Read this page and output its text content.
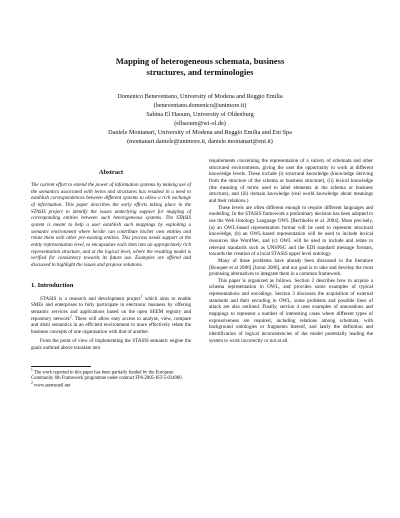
Mapping of heterogeneous schemata, business
structures, and terminologies
Domenico Beneventano, University of Modena and Reggio Emilia
(beneventano.domenico@unimore.it)
Sabina El Haoum, University of Oldenburg
(elhaoum@wi-ol.de)
Daniele Montanari, University of Modena and Reggio Emilia and Eni Spa
(montanari.daniele@unimore.it, daniele.montanari@eni.it)
Abstract

The current effort to extend the power of information systems by making use of the semantics associated with terms and structures has resulted in a need to establish correspondences between different systems to allow a rich exchange of information. This paper describes the early efforts taking place in the STASIS project to identify the issues underlying support for mapping of corresponding entities between such heterogeneous systems. The STASIS system is meant to help a user establish such mappings by exploiting a semantic environment where he/she can contribute his/her own entities and relate them with other pre-existing entities. This process needs support at the entity representation level, to encapsulate each item into an appropriately rich representation structure, and at the logical level, where the resulting model is verified for consistency towards its future use. Examples are offered and discussed to highlight the issues and propose solutions.

1. Introduction

STASIS is a research and development project$^1$ which aims to enable SMEs and enterprises to fully participate in electronic business by offering semantic services and applications based on the open SEEM registry and repository network$^2$. These will allow easy access to analyse, view, compare and distil semantics in an efficient environment to more effectively relate the business concepts of one organisation with that of another.

From the point of view of implementing the STASIS semantic engine the goals outlined above translate into

$^1$ The work reported in this paper has been partially funded by the European Community 6th Framework programme under contract FP6-2005-IST-5-034980.

$^2$ www.seemsoeil.net

requirements concerning the representation of a variety of schemata and other structured environments, giving the user the opportunity to work at different knowledge levels. These include (i) structural knowledge (knowledge deriving from the structure of the schema or business structure), (ii) lexical knowledge (the meaning of terms used to label elements in the schema or business structure), and (iii) domain knowledge (real world knowledge about meanings and their relations.)

These levels are often different enough to require different languages and modelling. In the STASIS framework a preliminary decision has been adopted to use the Web Ontology Language OWL [Bechhofer et al. 2004]. More precisely, (a) an OWL-based representation format will be used to represent structural knowledge, (b) an OWL-based representation will be used to include lexical resources like WordNet, and (c) OWL will be used to include and relate to relevant standards such as UNSPSC and the EDI standard message formats, towards the creation of a local STASIS upper level ontology.

Many of these problems have already been discussed in the literature [Bouquet et al 2006] [Jarrar 2006], and our goal is to take and develop the most promising alternatives to integrate them in a common framework.

This paper is organized as follows. Section 2 describes how to acquire a schema representation in OWL, and provides some examples of typical representations and encodings. Section 3 discusses the acquisition of external standards and their encoding in OWL, some problems and possible lines of attack are also outlined. Finally, section 4 uses examples of annotations and mappings to represent a number of interesting cases where different types of expressiveness are required, including relations among schemata, with background ontologies or fragments thereof, and lastly the definition and identification of logical inconsistencies of the model potentially leading the system to work incorrectly or not at all.
